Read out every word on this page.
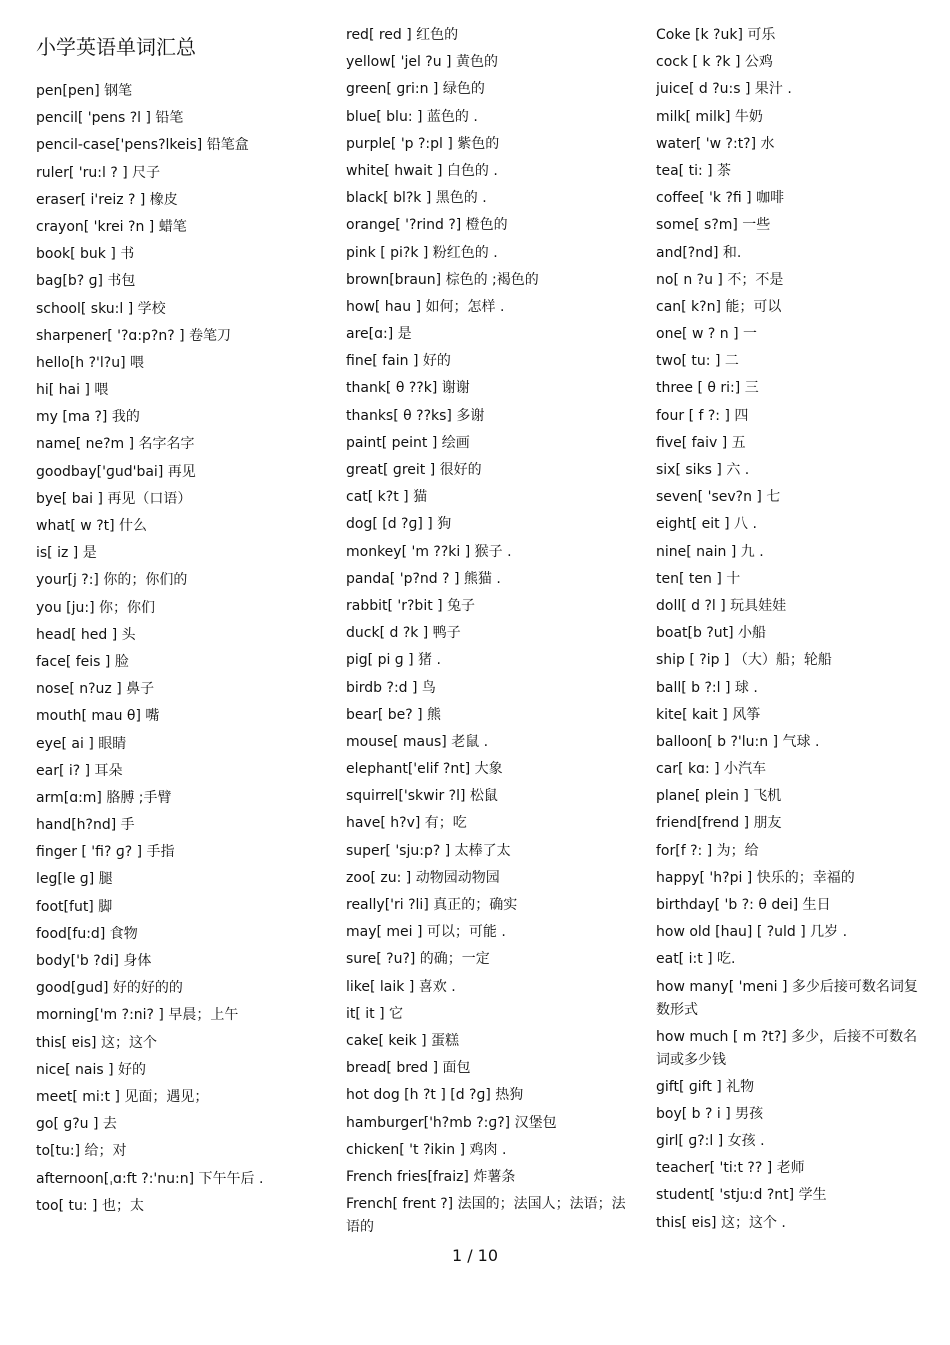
小学英语单词汇总
pen[pen] 钢笔
pencil[ 'pens ?l ] 铅笔
pencil-case['pens?lkeis] 铅笔盒
ruler[ 'ru:l ? ] 尺子
eraser[ i'reiz ? ] 橡皮
crayon[ 'krei ?n ] 蜡笔
book[ buk ] 书
bag[b? ɡ] 书包
school[ sku:l ] 学校
sharpener[ '?ɑ:p?n? ] 卷笔刀
hello[h ?'l?u] 喂
hi[ hai ] 喂
my [ma ?] 我的
name[ ne?m ] 名字名字
goodbay['ɡud'bai] 再见
bye[ bai ] 再见（口语）
what[ w ?t] 什么
is[ iz ] 是
your[j ?:] 你的；你们的
you [ju:] 你；你们
head[ hed ] 头
face[ feis ] 脸
nose[ n?uz ] 鼻子
mouth[ mau θ] 嘴
eye[ ai ] 眼睛
ear[ i? ] 耳朵
arm[ɑ:m] 胳膊 ;手臂
hand[h?nd] 手
finger [ 'fi? ɡ? ] 手指
leg[le ɡ] 腿
foot[fut] 脚
food[fu:d] 食物
body['b ?di] 身体
good[ɡud] 好的好的的
morning['m ?:ni? ] 早晨；上午
this[ ɐis] 这；这个
nice[ nais ] 好的
meet[ mi:t ] 见面；遇见；
go[ ɡ?u ] 去
to[tu:] 给；对
afternoon[ˌɑ:ft ?:'nu:n] 下午午后 .
too[ tu: ] 也；太
red[ red ] 红色的
yellow[ 'jel ?u ] 黄色的
green[ ɡri:n ] 绿色的
blue[ blu: ] 蓝色的 .
purple[ 'p ?:pl ] 紫色的
white[ hwait ] 白色的 .
black[ bl?k ] 黑色的 .
orange[ '?rind ?] 橙色的
pink [ pi?k ] 粉红色的 .
brown[braun] 棕色的 ;褐色的
how[ hau ] 如何；怎样 .
are[ɑ:] 是
fine[ fain ] 好的
thank[ θ ??k] 谢谢
thanks[ θ ??ks] 多谢
paint[ peint ] 绘画
great[ ɡreit ] 很好的
cat[ k?t ] 猫
dog[ [d ?ɡ] ] 狗
monkey[ 'm ??ki ] 猴子 .
panda[ 'p?nd ? ] 熊猫 .
rabbit[ 'r?bit ] 兔子
duck[ d ?k ] 鸭子
pig[ pi ɡ ] 猪 .
birdb ?:d ] 鸟
bear[ be? ] 熊
mouse[ maus] 老鼠 .
elephant['elif ?nt] 大象
squirrel['skwir ?l] 松鼠
have[ h?v] 有；吃
super[ 'sju:p? ] 太棒了太
zoo[ zu: ] 动物园动物园
really['ri ?li] 真正的；确实
may[ mei ] 可以；可能 .
sure[ ?u?] 的确；一定
like[ laik ] 喜欢 .
it[ it ] 它
cake[ keik ] 蛋糕
bread[ bred ] 面包
hot dog [h ?t ] [d ?ɡ] 热狗
hamburger['h?mb ?:ɡ?] 汉堡包
chicken[ 't ?ikin ] 鸡肉 .
French fries[fraiz] 炸薯条
French[ frent ?] 法国的；法国人；法语；法语的
Coke [k ?uk] 可乐
cock [ k ?k ] 公鸡
juice[ d ?u:s ] 果汁 .
milk[ milk] 牛奶
water[ 'w ?:t?] 水
tea[ ti: ] 茶
coffee[ 'k ?fi ] 咖啡
some[ s?m] 一些
and[?nd] 和.
no[ n ?u ] 不；不是
can[ k?n] 能；可以
one[ w ? n ] 一
two[ tu: ] 二
three [ θ ri:] 三
four [ f ?: ] 四
five[ faiv ] 五
six[ siks ] 六 .
seven[ 'sev?n ] 七
eight[ eit ] 八 .
nine[ nain ] 九 .
ten[ ten ] 十
doll[ d ?l ] 玩具娃娃
boat[b ?ut] 小船
ship [ ?ip ] （大）船；轮船
ball[ b ?:l ] 球 .
kite[ kait ] 风筝
balloon[ b ?'lu:n ] 气球 .
car[ kɑ: ] 小汽车
plane[ plein ] 飞机
friend[frend ] 朋友
for[f ?: ] 为；给
happy[ 'h?pi ] 快乐的；幸福的
birthday[ 'b ?: θ dei] 生日
how old [hau] [ ?uld ] 几岁 .
eat[ i:t ] 吃.
how many[ 'meni ] 多少后接可数名词复数形式
how much [ m ?t?] 多少，后接不可数名词或多少钱
gift[ ɡift ] 礼物
boy[ b ? i ] 男孩
girl[ ɡ?:l ] 女孩 .
teacher[ 'ti:t ?? ] 老师
student[ 'stju:d ?nt] 学生
this[ ɐis] 这；这个 .
1 / 10
